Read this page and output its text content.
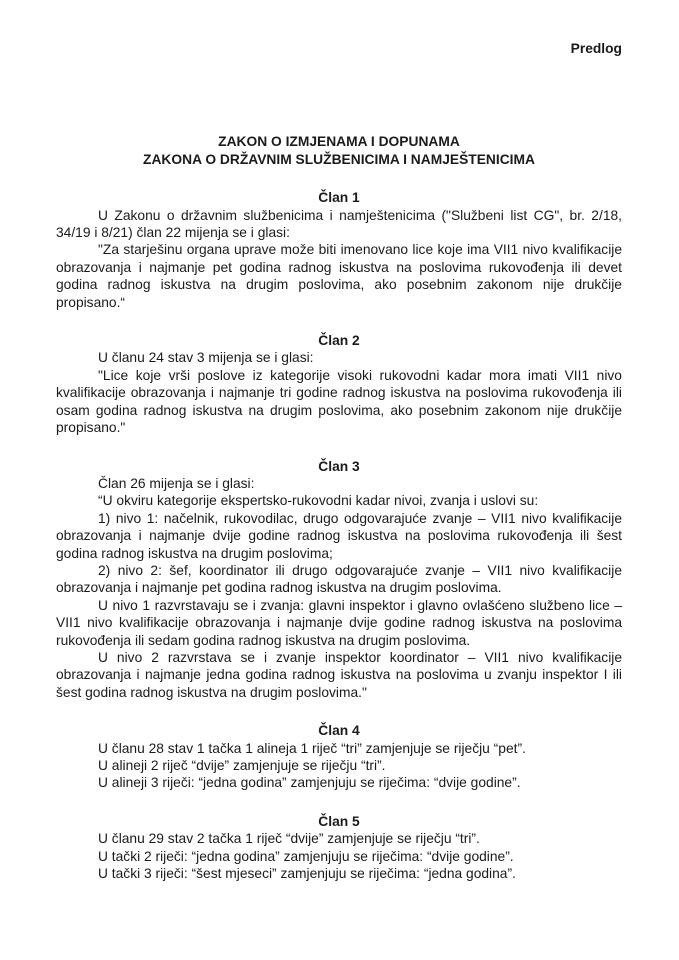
Predlog
ZAKON O IZMJENAMA I DOPUNAMA
ZAKONA O DRŽAVNIM SLUŽBENICIMA I NAMJEŠTENICIMA
Član 1

U Zakonu o državnim službenicima i namještenicima ("Službeni list CG", br. 2/18, 34/19 i 8/21) član 22 mijenja se i glasi:

"Za starješinu organa uprave može biti imenovano lice koje ima VII1 nivo kvalifikacije obrazovanja i najmanje pet godina radnog iskustva na poslovima rukovođenja ili devet godina radnog iskustva na drugim poslovima, ako posebnim zakonom nije drukčije propisano.“

Član 2

U članu 24 stav 3 mijenja se i glasi:

"Lice koje vrši poslove iz kategorije visoki rukovodni kadar mora imati VII1 nivo kvalifikacije obrazovanja i najmanje tri godine radnog iskustva na poslovima rukovođenja ili osam godina radnog iskustva na drugim poslovima, ako posebnim zakonom nije drukčije propisano."

Član 3

Član 26 mijenja se i glasi:

“U okviru kategorije ekspertsko-rukovodni kadar nivoi, zvanja i uslovi su:

1) nivo 1: načelnik, rukovodilac, drugo odgovarajuće zvanje – VII1 nivo kvalifikacije obrazovanja i najmanje dvije godine radnog iskustva na poslovima rukovođenja ili šest godina radnog iskustva na drugim poslovima;

2) nivo 2: šef, koordinator ili drugo odgovarajuće zvanje – VII1 nivo kvalifikacije obrazovanja i najmanje pet godina radnog iskustva na drugim poslovima.

U nivo 1 razvrstavaju se i zvanja: glavni inspektor i glavno ovlašćeno službeno lice – VII1 nivo kvalifikacije obrazovanja i najmanje dvije godine radnog iskustva na poslovima rukovođenja ili sedam godina radnog iskustva na drugim poslovima.

U nivo 2 razvrstava se i zvanje inspektor koordinator – VII1 nivo kvalifikacije obrazovanja i najmanje jedna godina radnog iskustva na poslovima u zvanju inspektor I ili šest godina radnog iskustva na drugim poslovima."

Član 4

U članu 28 stav 1 tačka 1 alineja 1 riječ “tri” zamjenjuje se riječju “pet”.

U alineji 2 riječ “dvije” zamjenjuje se riječju “tri”.

U alineji 3 riječi: “jedna godina” zamjenjuju se riječima: “dvije godine”.

Član 5

U članu 29 stav 2 tačka 1 riječ “dvije” zamjenjuje se riječju “tri”.

U tački 2 riječi: “jedna godina” zamjenjuju se riječima: “dvije godine”.

U tački 3 riječi: “šest mjeseci” zamjenjuju se riječima: “jedna godina”.
